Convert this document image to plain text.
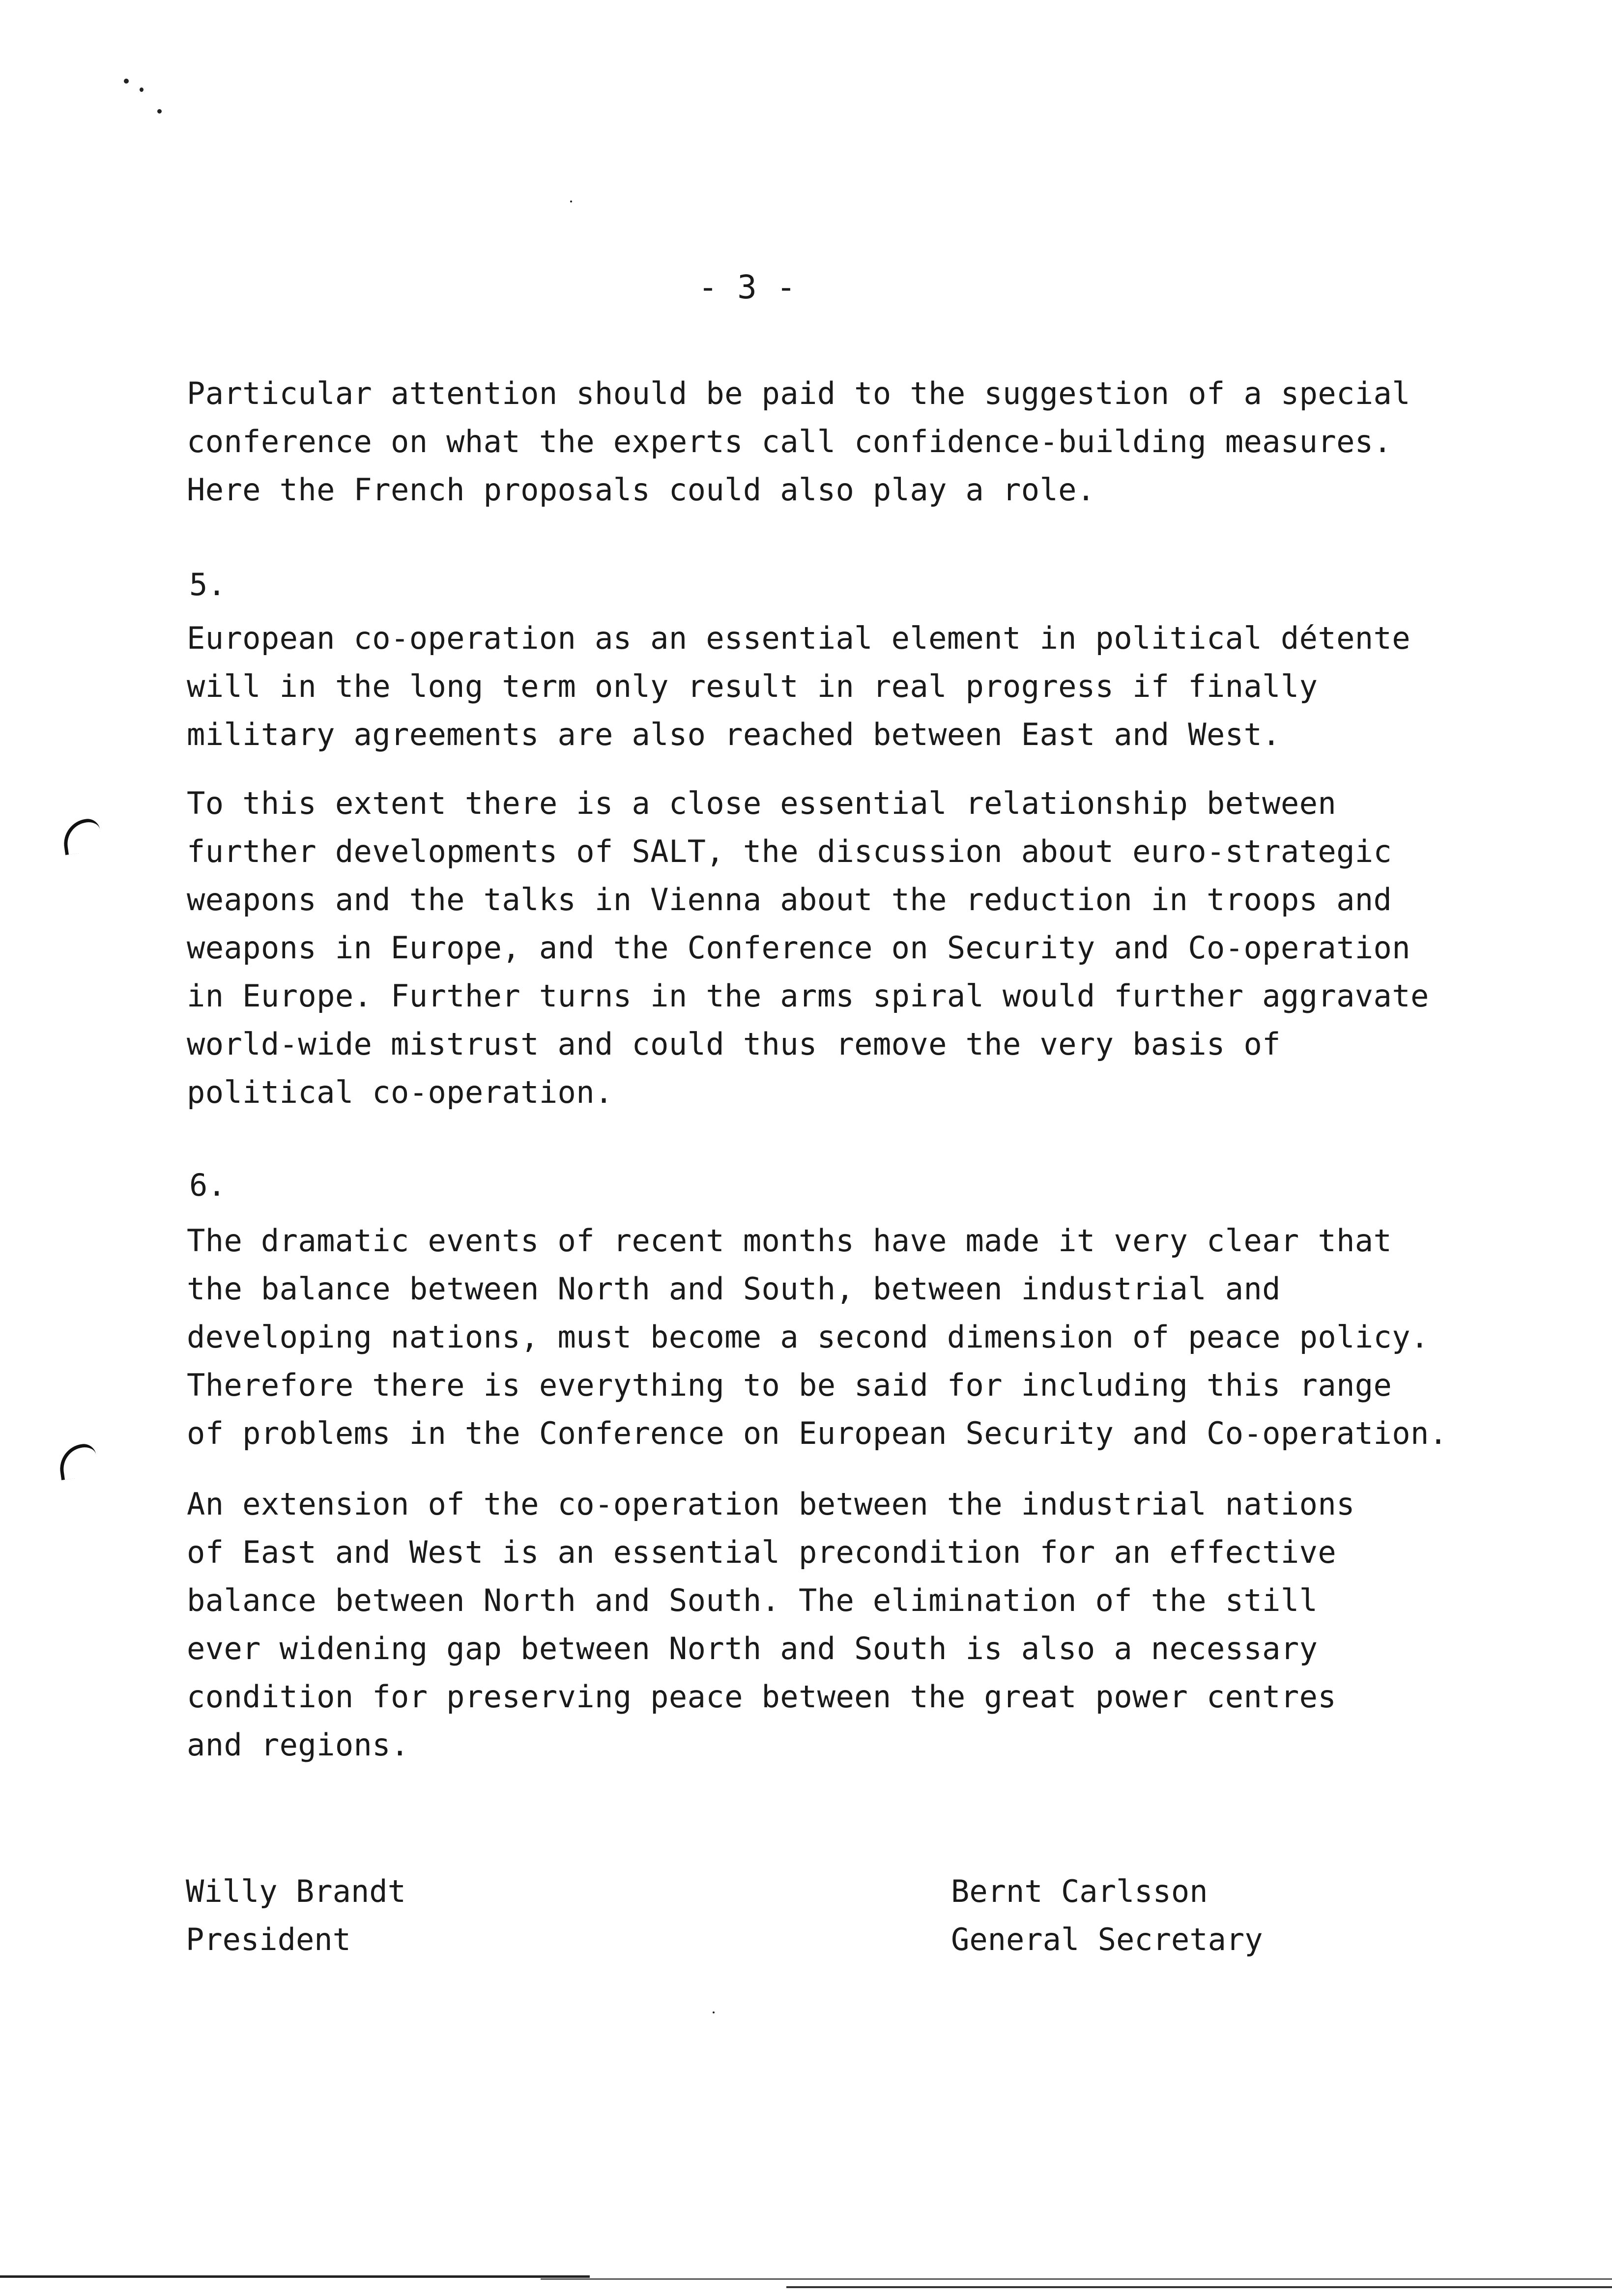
- 3 -
Particular attention should be paid to the suggestion of a special
conference on what the experts call confidence-building measures.
Here the French proposals could also play a role.
5.
European co-operation as an essential element in political détente
will in the long term only result in real progress if finally
military agreements are also reached between East and West.
To this extent there is a close essential relationship between
further developments of SALT, the discussion about euro-strategic
weapons and the talks in Vienna about the reduction in troops and
weapons in Europe, and the Conference on Security and Co-operation
in Europe. Further turns in the arms spiral would further aggravate
world-wide mistrust and could thus remove the very basis of
political co-operation.
6.
The dramatic events of recent months have made it very clear that
the balance between North and South, between industrial and
developing nations, must become a second dimension of peace policy.
Therefore there is everything to be said for including this range
of problems in the Conference on European Security and Co-operation.
An extension of the co-operation between the industrial nations
of East and West is an essential precondition for an effective
balance between North and South. The elimination of the still
ever widening gap between North and South is also a necessary
condition for preserving peace between the great power centres
and regions.
Willy Brandt
President
Bernt Carlsson
General Secretary
